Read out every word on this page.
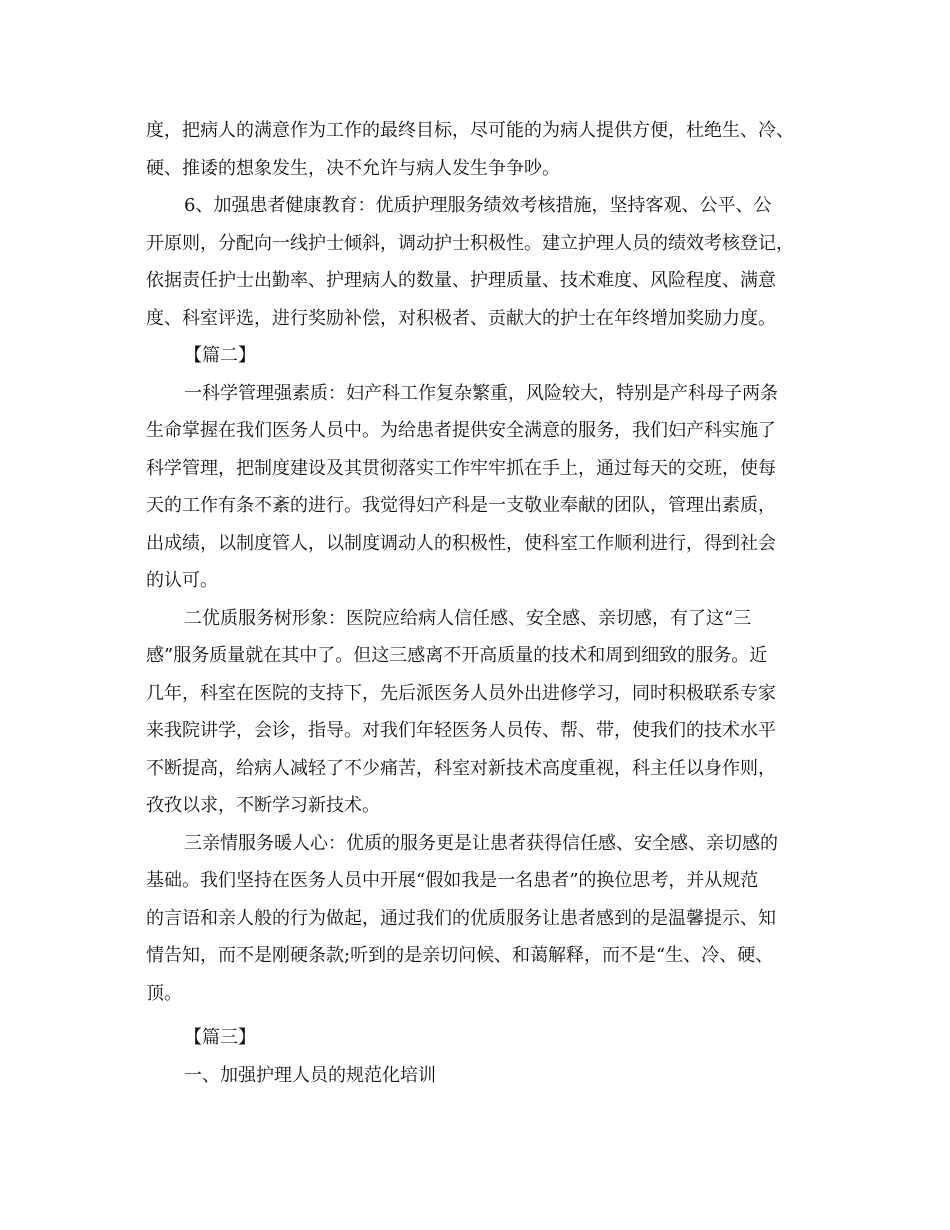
度，把病人的满意作为工作的最终目标，尽可能的为病人提供方便，杜绝生、冷、
硬、推诿的想象发生，决不允许与病人发生争争吵。
6、加强患者健康教育：优质护理服务绩效考核措施，坚持客观、公平、公
开原则，分配向一线护士倾斜，调动护士积极性。建立护理人员的绩效考核登记，
依据责任护士出勤率、护理病人的数量、护理质量、技术难度、风险程度、满意
度、科室评选，进行奖励补偿，对积极者、贡献大的护士在年终增加奖励力度。
【篇二】
一科学管理强素质：妇产科工作复杂繁重，风险较大，特别是产科母子两条
生命掌握在我们医务人员中。为给患者提供安全满意的服务，我们妇产科实施了
科学管理，把制度建设及其贯彻落实工作牢牢抓在手上，通过每天的交班，使每
天的工作有条不紊的进行。我觉得妇产科是一支敬业奉献的团队，管理出素质，
出成绩，以制度管人，以制度调动人的积极性，使科室工作顺利进行，得到社会
的认可。
二优质服务树形象：医院应给病人信任感、安全感、亲切感，有了这“三
感”服务质量就在其中了。但这三感离不开高质量的技术和周到细致的服务。近
几年，科室在医院的支持下，先后派医务人员外出进修学习，同时积极联系专家
来我院讲学，会诊，指导。对我们年轻医务人员传、帮、带，使我们的技术水平
不断提高，给病人减轻了不少痛苦，科室对新技术高度重视，科主任以身作则，
孜孜以求，不断学习新技术。
三亲情服务暖人心：优质的服务更是让患者获得信任感、安全感、亲切感的
基础。我们坚持在医务人员中开展“假如我是一名患者”的换位思考，并从规范
的言语和亲人般的行为做起，通过我们的优质服务让患者感到的是温馨提示、知
情告知，而不是刚硬条款;听到的是亲切问候、和蔼解释，而不是“生、冷、硬、
顶。
【篇三】
一、加强护理人员的规范化培训
